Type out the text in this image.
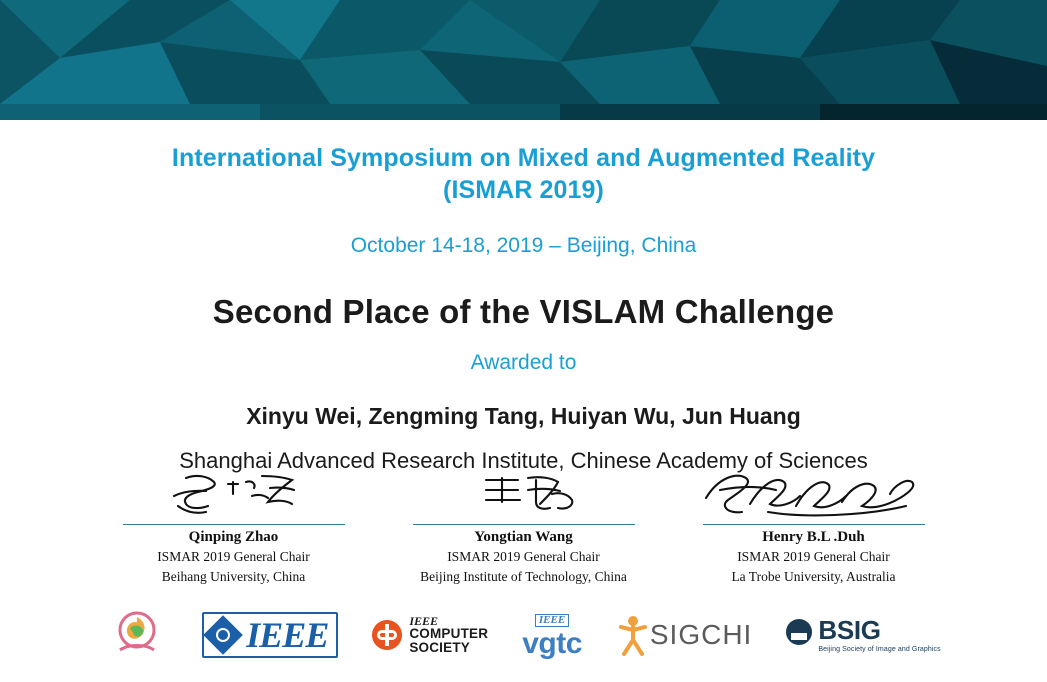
International Symposium on Mixed and Augmented Reality
(ISMAR 2019)
October 14-18, 2019 – Beijing, China
Second Place of the VISLAM Challenge
Awarded to
Xinyu Wei, Zengming Tang, Huiyan Wu, Jun Huang
Shanghai Advanced Research Institute, Chinese Academy of Sciences
Qinping Zhao
ISMAR 2019 General Chair
Beihang University, China
Yongtian Wang
ISMAR 2019 General Chair
Beijing Institute of Technology, China
Henry B.L .Duh
ISMAR 2019 General Chair
La Trobe University, Australia
IEEE	IEEE
COMPUTER
SOCIETY
IEEE
vgtc SIGCHI	BSIG
Beijing Society of Image and Graphics
